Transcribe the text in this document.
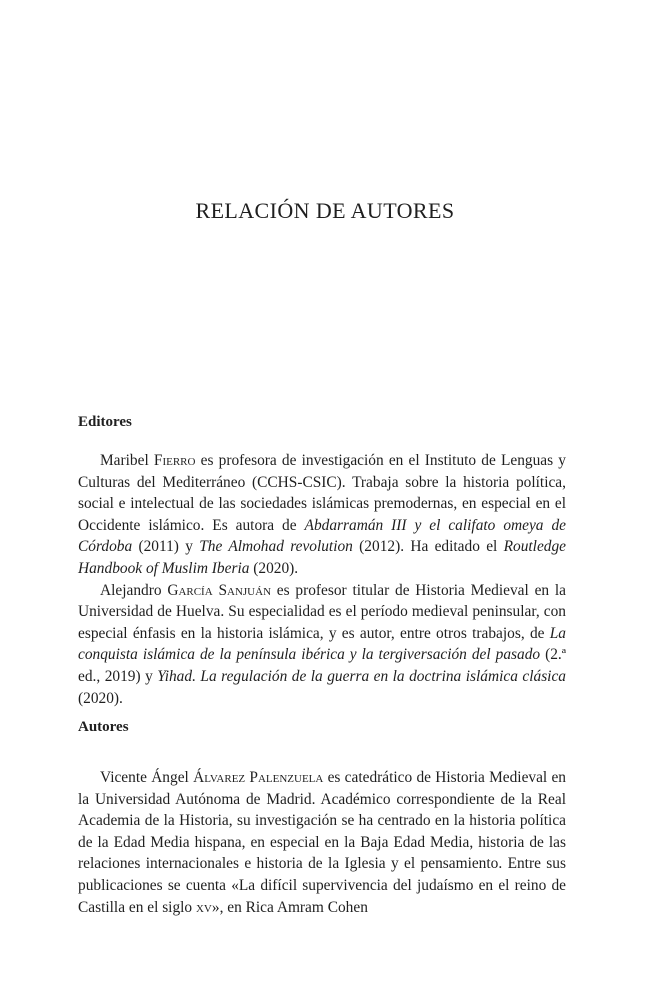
RELACIÓN DE AUTORES
Editores

Maribel Fierro es profesora de investigación en el Instituto de Lenguas y Culturas del Mediterráneo (CCHS-CSIC). Trabaja sobre la historia política, social e intelectual de las sociedades islámicas premodernas, en especial en el Occidente islámico. Es autora de Abdarramán III y el califato omeya de Córdoba (2011) y The Almohad revolution (2012). Ha editado el Routledge Handbook of Muslim Iberia (2020).

Alejandro García Sanjuán es profesor titular de Historia Medieval en la Universidad de Huelva. Su especialidad es el período medieval peninsular, con especial énfasis en la historia islámica, y es autor, entre otros trabajos, de La conquista islámica de la península ibérica y la tergiversación del pasado (2.ª ed., 2019) y Yihad. La regulación de la guerra en la doctrina islámica clásica (2020).

Autores

Vicente Ángel Álvarez Palenzuela es catedrático de Historia Medieval en la Universidad Autónoma de Madrid. Académico correspondiente de la Real Academia de la Historia, su investigación se ha centrado en la historia política de la Edad Media hispana, en especial en la Baja Edad Media, historia de las relaciones internacionales e historia de la Iglesia y el pensamiento. Entre sus publicaciones se cuenta «La difícil supervivencia del judaísmo en el reino de Castilla en el siglo xv», en Rica Amram Cohen
